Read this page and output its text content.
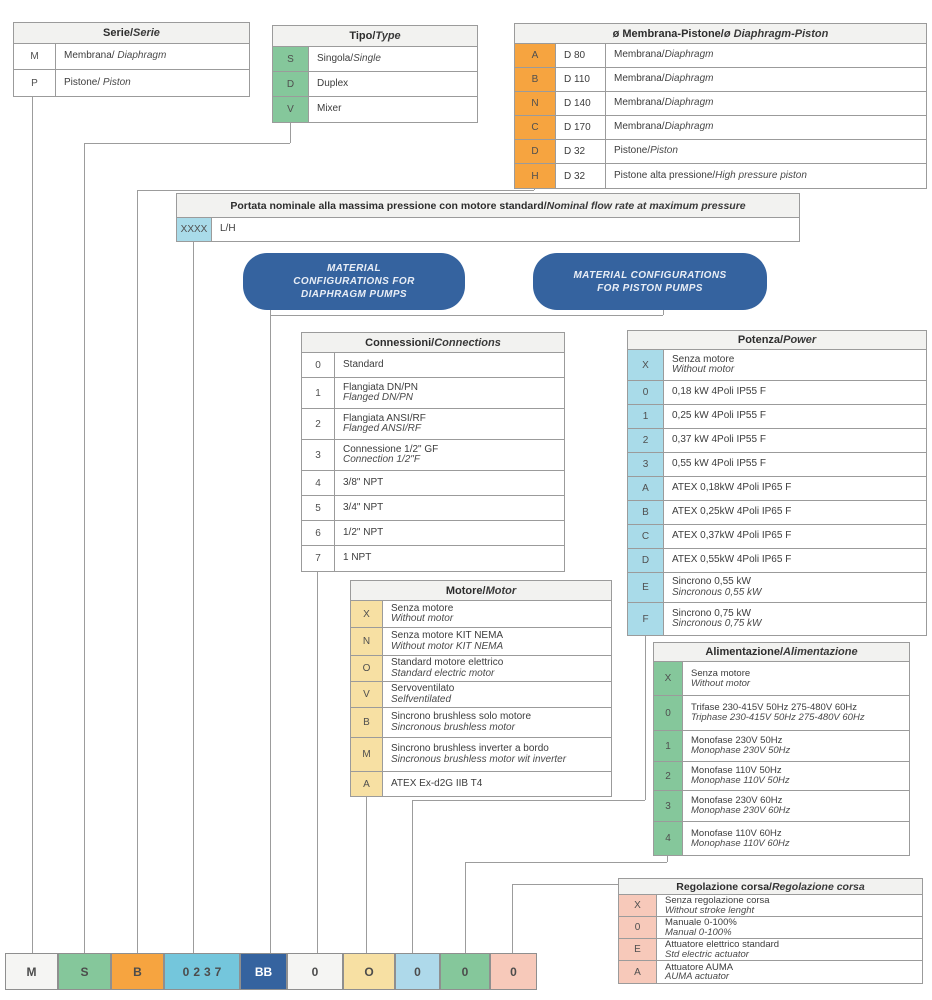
Serie/ Serie
M	Membrana/ Diaphragm
P	Pistone/ Piston
Tipo/ Type
S Singola/Single
D Duplex
V Mixer
ø Membrana-Pistone/ ø Diaphragm-Piston
A	D 80	Membrana/Diaphragm
B	D 110 Membrana/Diaphragm
N	D 140 Membrana/Diaphragm
C	D 170 Membrana/Diaphragm
D	D 32	Pistone/Piston
H	D 32	Pistone alta pressione/High pressure piston
Portata nominale alla massima pressione con motore standard/ Nominal flow rate at maximum pressure
XXXX L/H
Connessioni/ Connections
0 Standard
1
Flangiata DN/PN
Flanged DN/PN
2
Flangiata ANSI/RF
Flanged ANSI/RF
3
Connessione 1/2" GF
Connection 1/2"F
4 3/8" NPT
5 3/4" NPT
6 1/2" NPT
7 1 NPT
Potenza/ Power
X
Senza motore
Without motor
0 0,18 kW 4Poli IP55 F
1 0,25 kW 4Poli IP55 F
2 0,37 kW 4Poli IP55 F
3 0,55 kW 4Poli IP55 F
A ATEX 0,18kW 4Poli IP65 F
B ATEX 0,25kW 4Poli IP65 F
C ATEX 0,37kW 4Poli IP65 F
D ATEX 0,55kW 4Poli IP65 F
E
Sincrono 0,55 kW
Sincronous 0,55 kW
F
Sincrono 0,75 kW
Sincronous 0,75 kW
Motore/ Motor
X
Senza motore
Without motor
N
Senza motore KIT NEMA
Without motor KIT NEMA
O
Standard motore elettrico
Standard electric motor
V
Servoventilato
Selfventilated
B
Sincrono brushless solo motore
Sincronous brushless motor
M
Sincrono brushless inverter a bordo
Sincronous brushless motor wit inverter
A ATEX Ex-d2G IIB T4
Alimentazione/ Alimentazione
X Senza motore
Without motor
0 Trifase 230-415V 50Hz 275-480V 60Hz
Triphase 230-415V 50Hz 275-480V 60Hz
1 Monofase 230V 50Hz
Monophase 230V 50Hz
2 Monofase 110V 50Hz
Monophase 110V 50Hz
3 Monofase 230V 60Hz
Monophase 230V 60Hz
4 Monofase 110V 60Hz
Monophase 110V 60Hz
Regolazione corsa/ Regolazione corsa
X	Senza regolazione corsa
Without stroke lenght
0	Manuale 0-100%
Manual 0-100%
E	Attuatore elettrico standard
Std electric actuator
A	Attuatore AUMA
AUMA actuator
MATERIAL
CONFIGURATIONS FOR
DIAPHRAGM PUMPS
MATERIAL CONFIGURATIONS
FOR PISTON PUMPS
M	S	B	0237	BB	0	O	0	0	0
